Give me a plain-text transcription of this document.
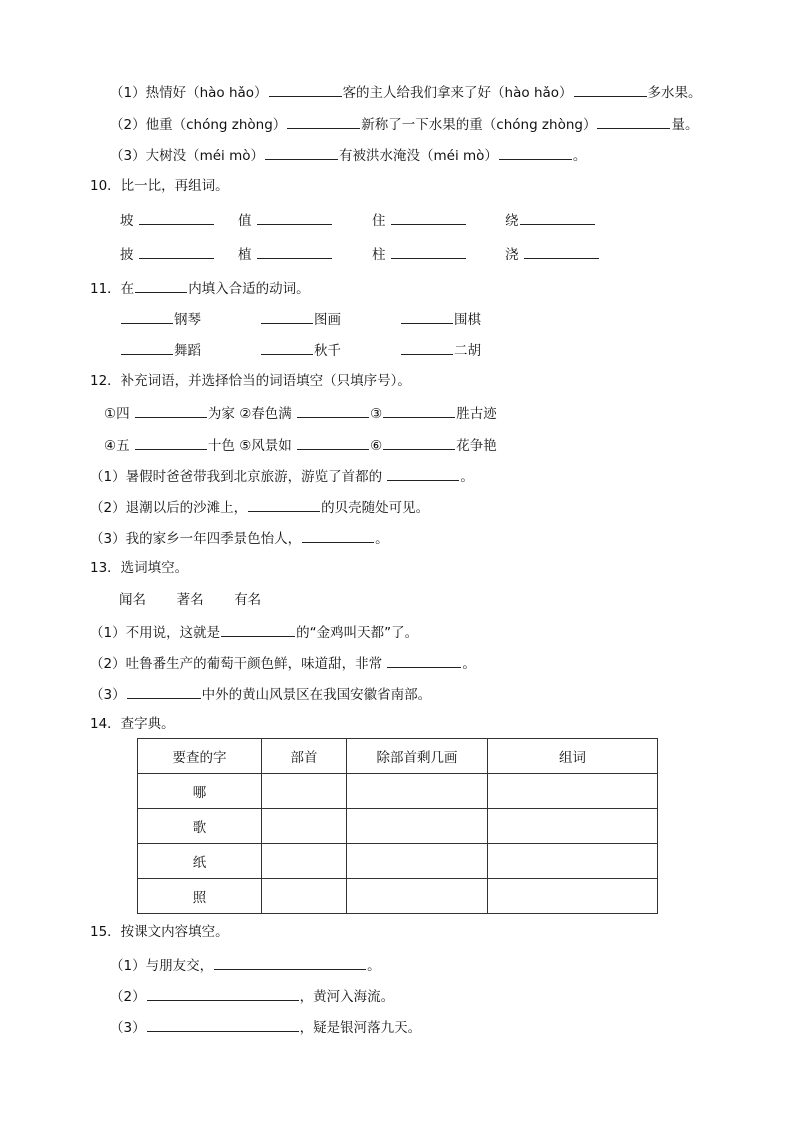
（1）热情好（hào hǎo）	客的主人给我们拿来了好（hào hǎo）	多水果。
（2）他重（chóng zhòng）	新称了一下水果的重（chóng zhòng）	量。
（3）大树没（méi mò）	有被洪水淹没（méi mò）	。
10．比一比，再组词。
坡	值	住	绕
披	植	柱	浇
11．在	内填入合适的动词。
钢琴	图画	围棋
舞蹈	秋千	二胡
12．补充词语，并选择恰当的词语填空（只填序号）。
①四	为家 ②春色满	③	胜古迹
④五	十色 ⑤风景如	⑥	花争艳
（1）暑假时爸爸带我到北京旅游，游览了首都的	。
（2）退潮以后的沙滩上，	的贝壳随处可见。
（3）我的家乡一年四季景色怡人，	。
13．选词填空。
闻名 著名 有名
（1）不用说，这就是	的“金鸡叫天都”了。
（2）吐鲁番生产的葡萄干颜色鲜，味道甜，非常	。
（3）	中外的黄山风景区在我国安徽省南部。
14．查字典。
要查的字	部首	除部首剩几画	组词
哪			
歌			
纸			
照			
15．按课文内容填空。
（1）与朋友交，	。
（2）	，黄河入海流。
（3）	，疑是银河落九天。
